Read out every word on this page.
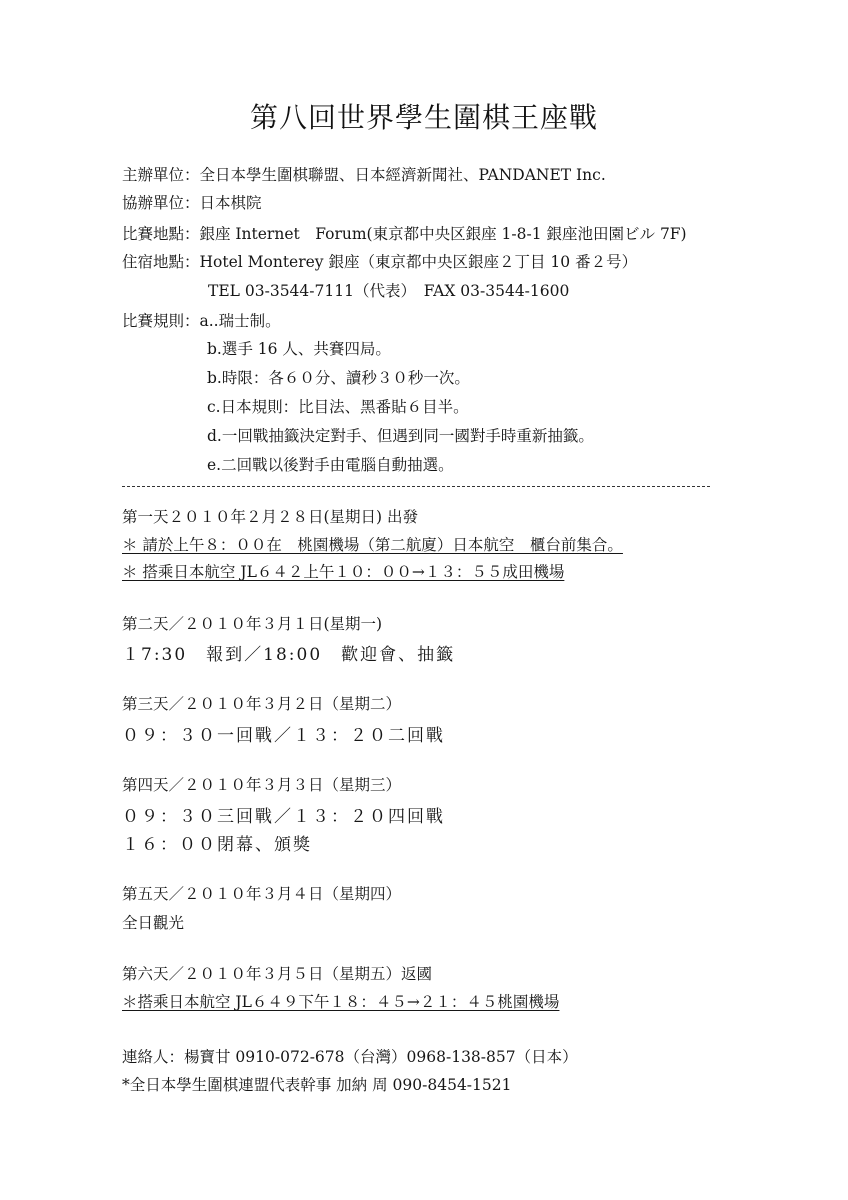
第八回世界學生圍棋王座戰
主辦單位：全日本學生圍棋聯盟、日本經濟新聞社、PANDANET Inc.
協辦單位：日本棋院
比賽地點：銀座 Internet　Forum(東京都中央区銀座 1-8-1 銀座池田園ビル 7F)
住宿地點：Hotel Monterey 銀座（東京都中央区銀座２丁目 10 番２号）
TEL 03-3544-7111（代表）　FAX 03-3544-1600
比賽規則：a..瑞士制。
b.選手 16 人、共賽四局。
b.時限：各６０分、讀秒３０秒一次。
c.日本規則：比目法、黑番貼６目半。
d.一回戰抽籤決定對手、但遇到同一國對手時重新抽籤。
e.二回戰以後對手由電腦自動抽選。
第一天２０１０年２月２８日(星期日) 出發
＊ 請於上午８：００在　桃園機場（第二航廈）日本航空　櫃台前集合。
＊ 搭乘日本航空 JL６４２上午１０：００→１３：５５成田機場
第二天／２０１０年３月１日(星期一)
１7:30　報到／18:00　歡迎會、抽籤
第三天／２０１０年３月２日（星期二）
０９：３０一回戰／１３：２０二回戰
第四天／２０１０年３月３日（星期三）
０９：３０三回戰／１３：２０四回戰
１６：００閉幕、頒獎
第五天／２０１０年３月４日（星期四）
全日觀光
第六天／２０１０年３月５日（星期五）返國
＊搭乘日本航空 JL６４９下午１８：４５→２１：４５桃園機場
連絡人：楊寶甘 0910-072-678（台灣）0968-138-857（日本）
*全日本學生圍棋連盟代表幹事 加納 周 090-8454-1521
